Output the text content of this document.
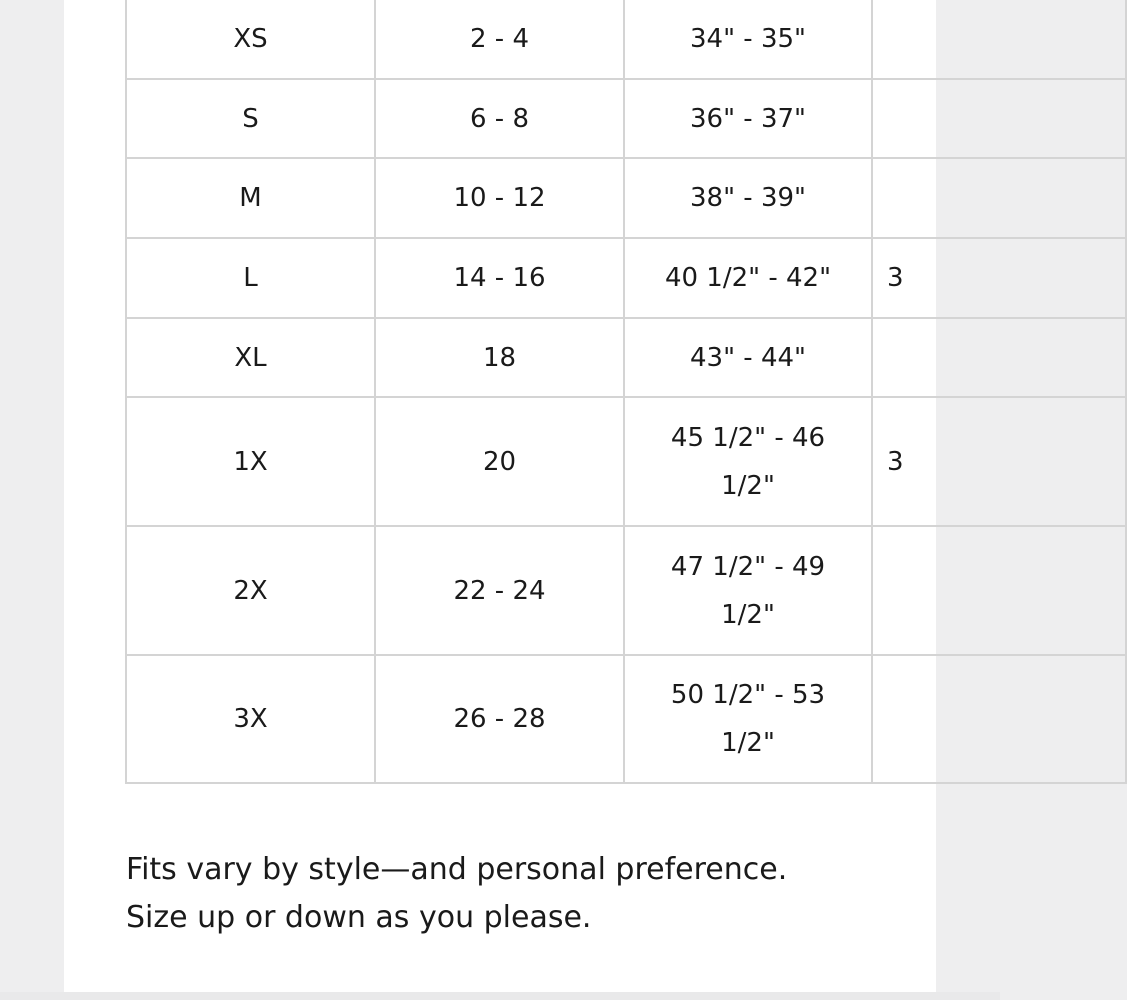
XS	2 - 4	34" - 35"	

S	6 - 8	36" - 37"	

M	10 - 12	38" - 39"	

L	14 - 16	40 1/2" - 42"	3
XL	18	43" - 44"	

1X	20	45 1/2" - 46
1/2"	3
2X	22 - 24	47 1/2" - 49
1/2"	

3X	26 - 28	50 1/2" - 53
1/2"	

Fits vary by style—and personal preference.
Size up or down as you please.
